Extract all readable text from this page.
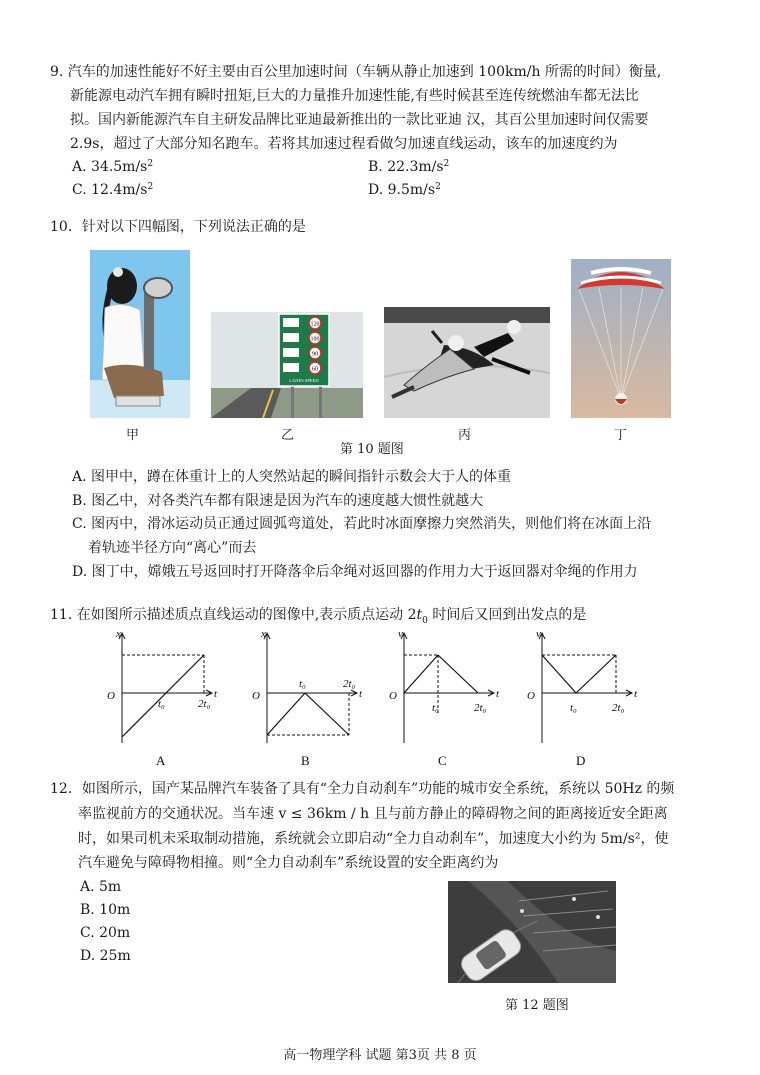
9. 汽车的加速性能好不好主要由百公里加速时间（车辆从静止加速到 100km/h 所需的时间）衡量,
新能源电动汽车拥有瞬时扭矩,巨大的力量推升加速性能,有些时候甚至连传统燃油车都无法比
拟。国内新能源汽车自主研发品牌比亚迪最新推出的一款比亚迪 汉，其百公里加速时间仅需要
2.9s，超过了大部分知名跑车。若将其加速过程看做匀加速直线运动，该车的加速度约为
A. $34.5m/s^2$	B. $22.3m/s^2$
C. $12.4m/s^2$	D. $9.5m/s^2$
10．针对以下四幅图，下列说法正确的是
甲
120
100
90
60
LANES SPEED
乙	丙	丁
第 10 题图
A. 图甲中，蹲在体重计上的人突然站起的瞬间指针示数会大于人的体重
B. 图乙中，对各类汽车都有限速是因为汽车的速度越大惯性就越大
C. 图丙中，滑冰运动员正通过圆弧弯道处，若此时冰面摩擦力突然消失，则他们将在冰面上沿
着轨迹半径方向“离心”而去
D. 图丁中，嫦娥五号返回时打开降落伞后伞绳对返回器的作用力大于返回器对伞绳的作用力
11. 在如图所示描述质点直线运动的图像中,表示质点运动 $2t_0$ 时间后又回到出发点的是
x
t
O
t₀	2t₀
A
x
t
O
t₀	2t₀
B
v
t
O
t₀	2t₀
C
v
t
O
t₀	2t₀
D
12．如图所示，国产某品牌汽车装备了具有“全力自动刹车”功能的城市安全系统，系统以 50Hz 的频
率监视前方的交通状况。当车速 v ≤ 36km / h 且与前方静止的障碍物之间的距离接近安全距离
时，如果司机未采取制动措施，系统就会立即启动“全力自动刹车”，加速度大小约为 5m/s²，使
汽车避免与障碍物相撞。则“全力自动刹车”系统设置的安全距离约为
A. 5m
B. 10m
C. 20m
D. 25m
第 12 题图
高一物理学科 试题 第3页 共 8 页
